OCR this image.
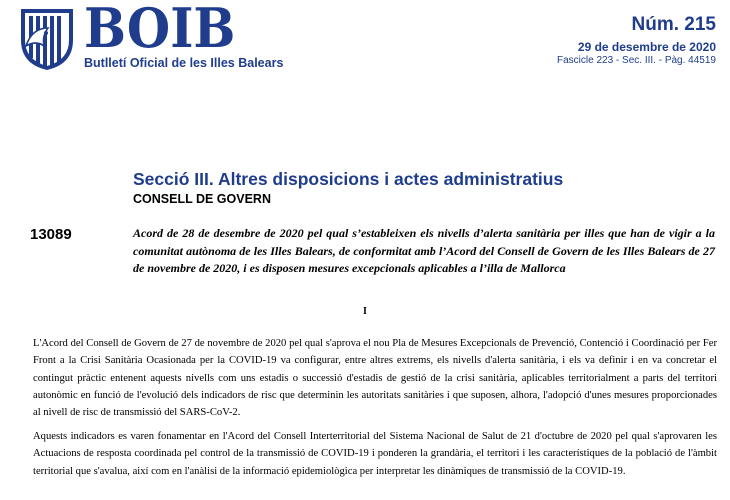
BOIB
Butlletí Oficial de les Illes Balears
Núm. 215
29 de desembre de 2020
Fascicle 223 - Sec. III. - Pàg. 44519
Secció III. Altres disposicions i actes administratius
CONSELL DE GOVERN
13089	Acord de 28 de desembre de 2020 pel qual s’estableixen els nivells d’alerta sanitària per illes que han de vigir a la comunitat autònoma de les Illes Balears, de conformitat amb l’Acord del Consell de Govern de les Illes Balears de 27 de novembre de 2020, i es disposen mesures excepcionals aplicables a l’illa de Mallorca
I

L'Acord del Consell de Govern de 27 de novembre de 2020 pel qual s'aprova el nou Pla de Mesures Excepcionals de Prevenció, Contenció i Coordinació per Fer Front a la Crisi Sanitària Ocasionada per la COVID-19 va configurar, entre altres extrems, els nivells d'alerta sanitària, i els va definir i en va concretar el contingut pràctic entenent aquests nivells com uns estadis o successió d'estadis de gestió de la crisi sanitària, aplicables territorialment a parts del territori autonòmic en funció de l'evolució dels indicadors de risc que determinin les autoritats sanitàries i que suposen, alhora, l'adopció d'unes mesures proporcionades al nivell de risc de transmissió del SARS-CoV-2.

Aquests indicadors es varen fonamentar en l'Acord del Consell Interterritorial del Sistema Nacional de Salut de 21 d'octubre de 2020 pel qual s'aprovaren les Actuacions de resposta coordinada pel control de la transmissió de COVID-19 i ponderen la grandària, el territori i les característiques de la població de l'àmbit territorial que s'avalua, així com en l'anàlisi de la informació epidemiològica per interpretar les dinàmiques de transmissió de la COVID-19.
